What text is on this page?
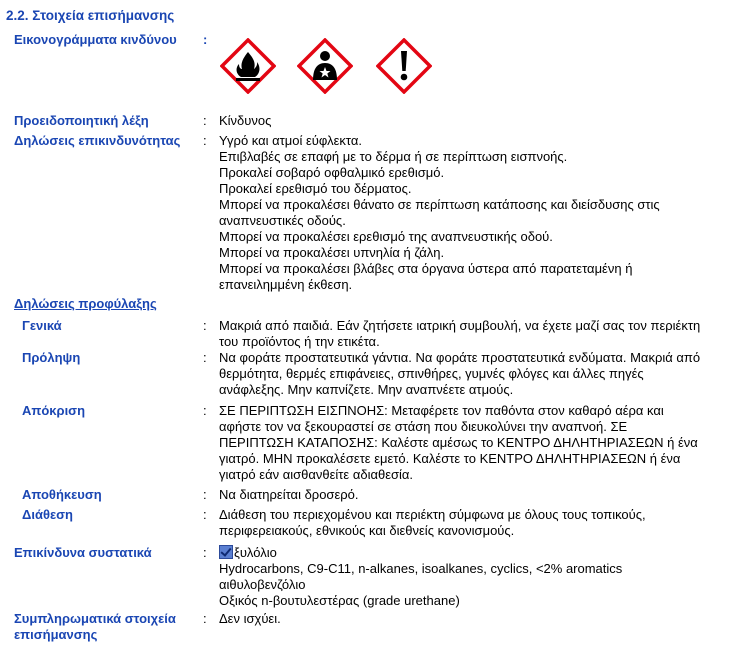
2.2. Στοιχεία επισήμανσης
Εικονογράμματα κινδύνου :
Προειδοποιητική λέξη	: Κίνδυνος
Δηλώσεις επικινδυνότητας : Υγρό και ατμοί εύφλεκτα.
Επιβλαβές σε επαφή με το δέρμα ή σε περίπτωση εισπνοής.
Προκαλεί σοβαρό οφθαλμικό ερεθισμό.
Προκαλεί ερεθισμό του δέρματος.
Μπορεί να προκαλέσει θάνατο σε περίπτωση κατάποσης και διείσδυσης στις
αναπνευστικές οδούς.
Μπορεί να προκαλέσει ερεθισμό της αναπνευστικής οδού.
Μπορεί να προκαλέσει υπνηλία ή ζάλη.
Μπορεί να προκαλέσει βλάβες στα όργανα ύστερα από παρατεταμένη ή
επανειλημμένη έκθεση.
Δηλώσεις προφύλαξης
Γενικά	: Μακριά από παιδιά. Εάν ζητήσετε ιατρική συμβουλή, να έχετε μαζί σας τον περιέκτη
του προϊόντος ή την ετικέτα.
Πρόληψη	: Να φοράτε προστατευτικά γάντια. Να φοράτε προστατευτικά ενδύματα. Μακριά από
θερμότητα, θερμές επιφάνειες, σπινθήρες, γυμνές φλόγες και άλλες πηγές
ανάφλεξης. Μην καπνίζετε. Μην αναπνέετε ατμούς.
Απόκριση	: ΣΕ ΠΕΡΙΠΤΩΣΗ ΕΙΣΠΝΟΗΣ: Μεταφέρετε τον παθόντα στον καθαρό αέρα και
αφήστε τον να ξεκουραστεί σε στάση που διευκολύνει την αναπνοή. ΣΕ
ΠΕΡΙΠΤΩΣΗ ΚΑΤΑΠΟΣΗΣ: Καλέστε αμέσως το ΚΕΝΤΡΟ ΔΗΛΗΤΗΡΙΑΣΕΩΝ ή ένα
γιατρό. ΜΗΝ προκαλέσετε εμετό. Καλέστε το ΚΕΝΤΡΟ ΔΗΛΗΤΗΡΙΑΣΕΩΝ ή ένα
γιατρό εάν αισθανθείτε αδιαθεσία.
Αποθήκευση	: Να διατηρείται δροσερό.
Διάθεση	: Διάθεση του περιεχομένου και περιέκτη σύμφωνα με όλους τους τοπικούς,
περιφερειακούς, εθνικούς και διεθνείς κανονισμούς.
Επικίνδυνα συστατικά	:	ξυλόλιο
Hydrocarbons, C9-C11, n-alkanes, isoalkanes, cyclics, <2% aromatics
αιθυλοβενζόλιο
Οξικός n-βουτυλεστέρας (grade urethane)
Συμπληρωματικά στοιχεία
επισήμανσης
: Δεν ισχύει.
